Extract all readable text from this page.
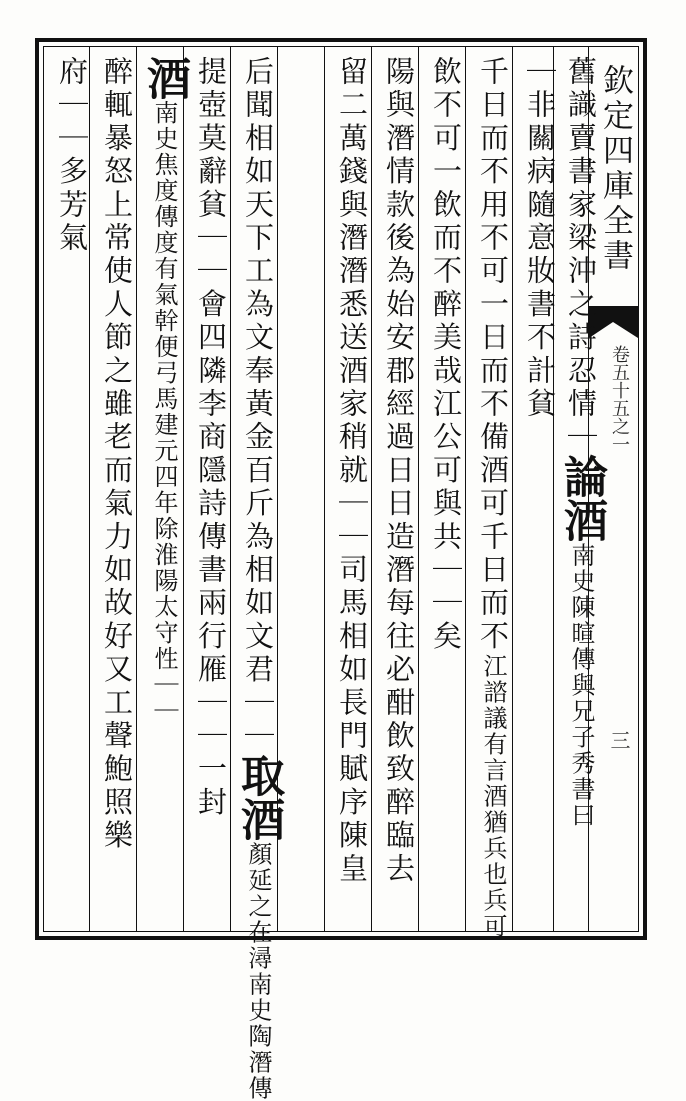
欽定四庫全書
卷五十五之一
三
舊識賣書家梁沖之詩忍情｜論酒南史陳暄傳與兄子秀書曰
｜非關病隨意妝書不計貧
千日而不用不可一日而不備酒可千日而不江諮議有言酒猶兵也兵可
飲不可一飲而不醉美哉江公可與共｜｜矣
陽與潛情款後為始安郡經過日日造潛每往必酣飲致醉臨去
留二萬錢與潛潛悉送酒家稍就｜｜司馬相如長門賦序陳皇
后聞相如天下工為文奉黃金百斤為相如文君｜｜取酒顏延之在潯南史陶潛傳
提壺莫辭貧｜｜會四隣李商隱詩傳書兩行雁｜｜一封
酒南史焦度傳度有氣幹便弓馬建元四年除淮陽太守性｜｜
醉輒暴怒上常使人節之雖老而氣力如故好又工聲鮑照樂
府｜｜多芳氣
